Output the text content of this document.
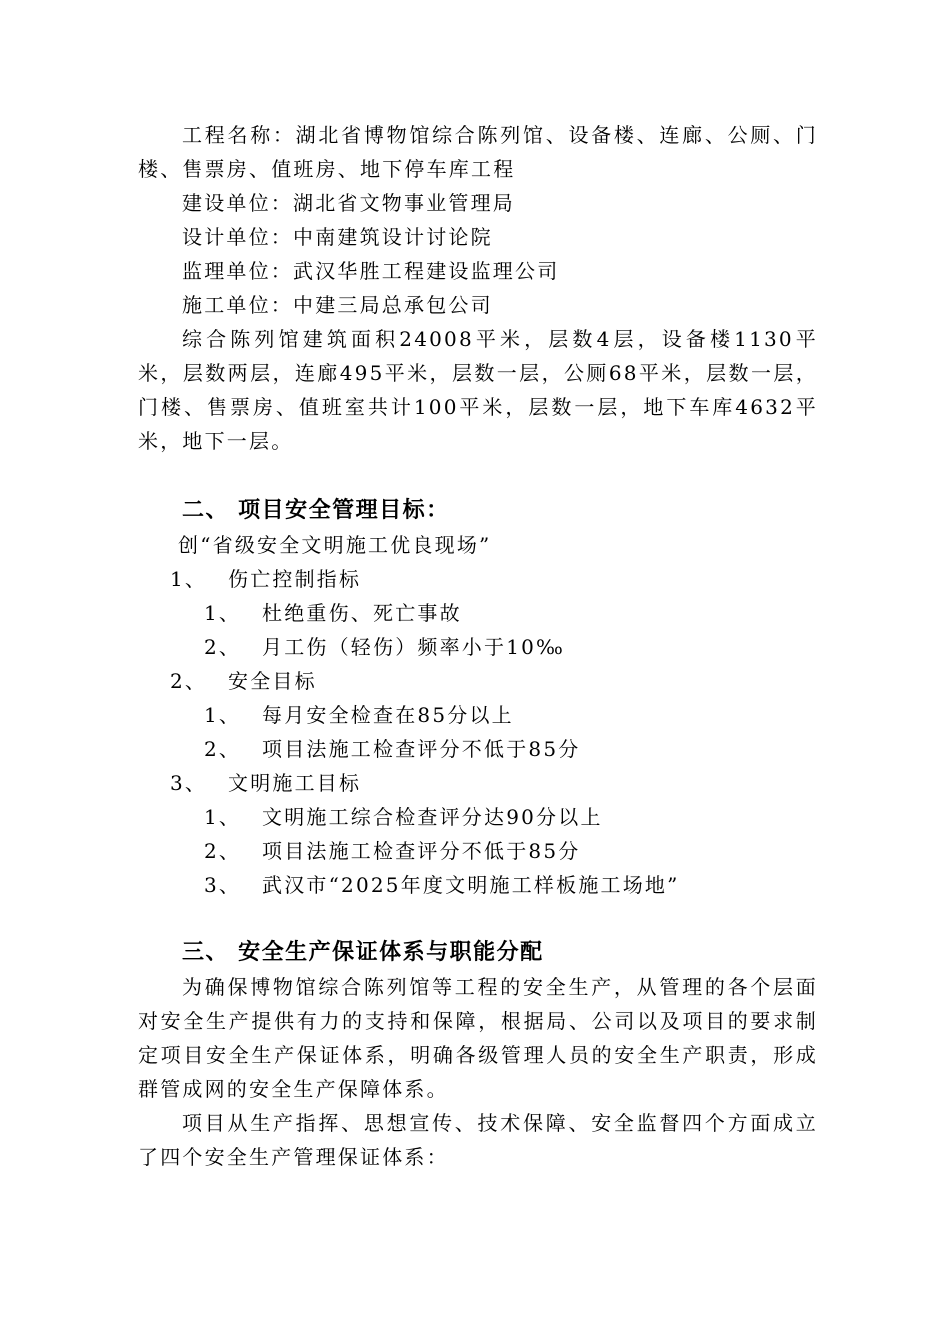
工程名称：湖北省博物馆综合陈列馆、设备楼、连廊、公厕、门楼、售票房、值班房、地下停车库工程

建设单位：湖北省文物事业管理局

设计单位：中南建筑设计讨论院

监理单位：武汉华胜工程建设监理公司

施工单位：中建三局总承包公司

综合陈列馆建筑面积24008平米，层数4层，设备楼1130平米，层数两层，连廊495平米，层数一层，公厕68平米，层数一层，门楼、售票房、值班室共计100平米，层数一层，地下车库4632平米，地下一层。

二、 项目安全管理目标：

创“省级安全文明施工优良现场”

1、 伤亡控制指标

1、 杜绝重伤、死亡事故

2、 月工伤（轻伤）频率小于10‰

2、 安全目标

1、 每月安全检查在85分以上

2、 项目法施工检查评分不低于85分

3、 文明施工目标

1、 文明施工综合检查评分达90分以上

2、 项目法施工检查评分不低于85分

3、 武汉市“2025年度文明施工样板施工场地”

三、 安全生产保证体系与职能分配

为确保博物馆综合陈列馆等工程的安全生产，从管理的各个层面对安全生产提供有力的支持和保障，根据局、公司以及项目的要求制定项目安全生产保证体系，明确各级管理人员的安全生产职责，形成群管成网的安全生产保障体系。

项目从生产指挥、思想宣传、技术保障、安全监督四个方面成立了四个安全生产管理保证体系：
